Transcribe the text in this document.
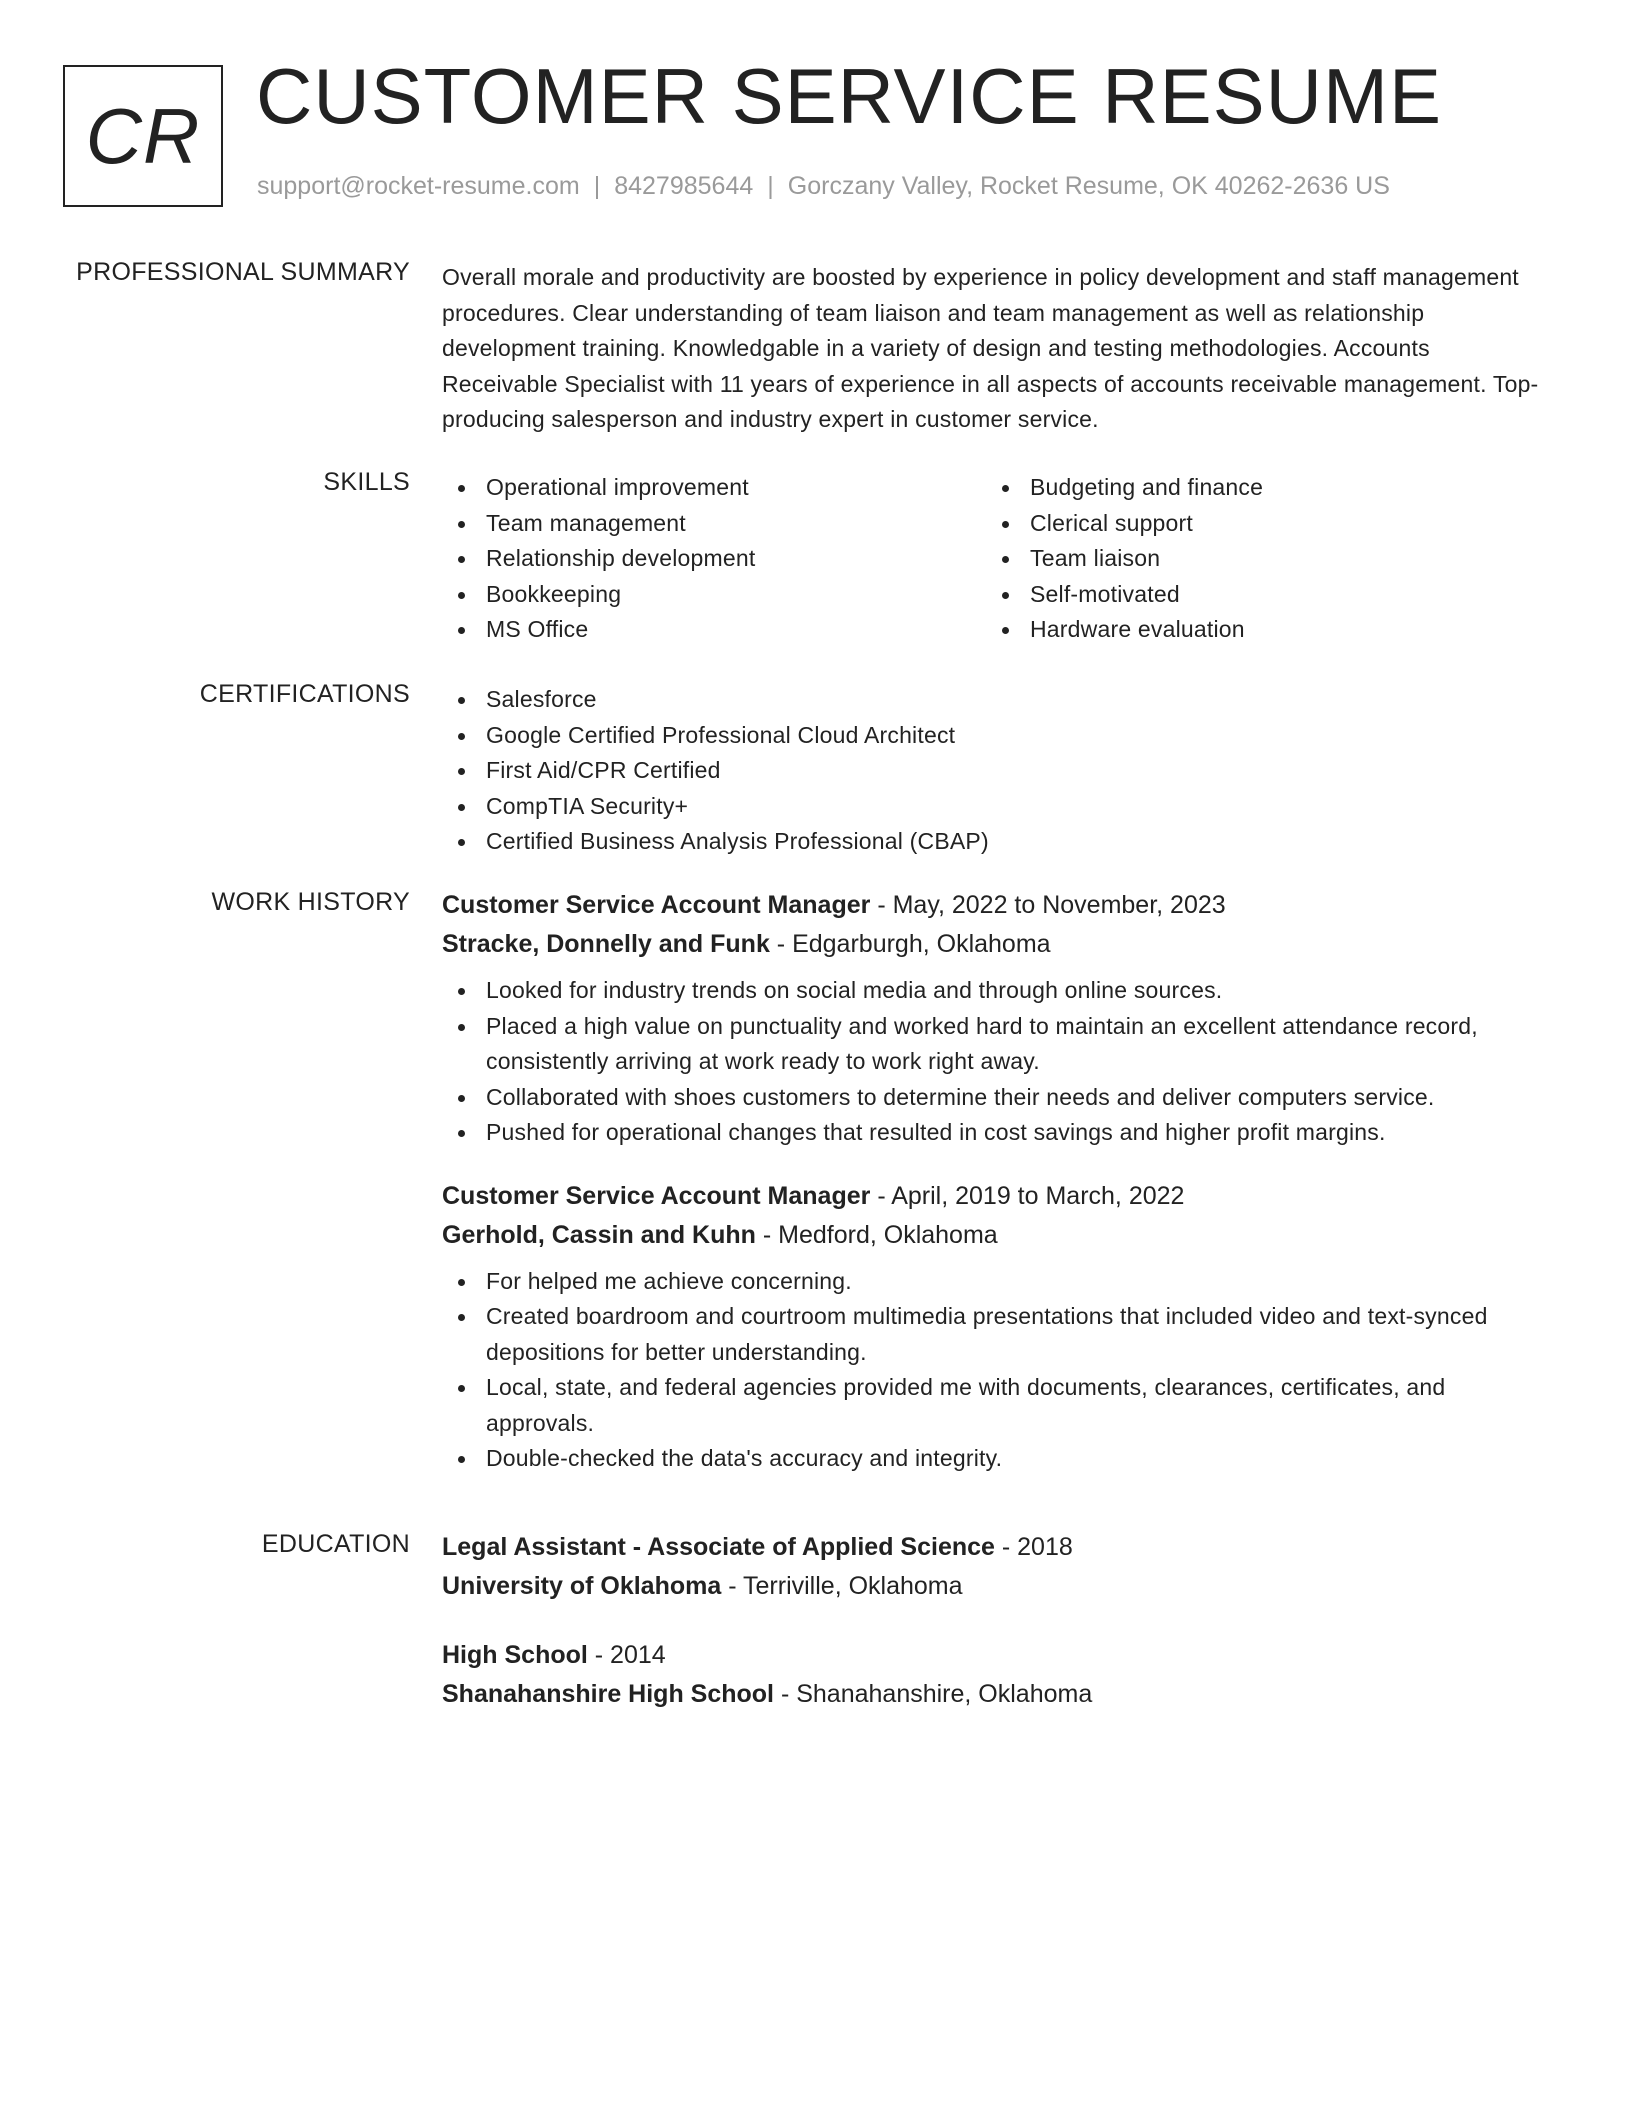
CR CUSTOMER SERVICE RESUME
support@rocket-resume.com | 8427985644 | Gorczany Valley, Rocket Resume, OK 40262-2636 US
PROFESSIONAL SUMMARY Overall morale and productivity are boosted by experience in policy development and staff management procedures. Clear understanding of team liaison and team management as well as relationship development training. Knowledgable in a variety of design and testing methodologies. Accounts Receivable Specialist with 11 years of experience in all aspects of accounts receivable management. Top-producing salesperson and industry expert in customer service.

SKILLS	Operational improvement
Team management
Relationship development
Bookkeeping
MS Office
Budgeting and finance
Clerical support
Team liaison
Self-motivated
Hardware evaluation
CERTIFICATIONS	Salesforce
Google Certified Professional Cloud Architect
First Aid/CPR Certified
CompTIA Security+
Certified Business Analysis Professional (CBAP)
WORK HISTORY Customer Service Account Manager - May, 2022 to November, 2023
Stracke, Donnelly and Funk - Edgarburgh, Oklahoma
Looked for industry trends on social media and through online sources.
Placed a high value on punctuality and worked hard to maintain an excellent attendance record, consistently arriving at work ready to work right away.
Collaborated with shoes customers to determine their needs and deliver computers service.
Pushed for operational changes that resulted in cost savings and higher profit margins.
Customer Service Account Manager - April, 2019 to March, 2022
Gerhold, Cassin and Kuhn - Medford, Oklahoma
For helped me achieve concerning.
Created boardroom and courtroom multimedia presentations that included video and text-synced depositions for better understanding.
Local, state, and federal agencies provided me with documents, clearances, certificates, and approvals.
Double-checked the data's accuracy and integrity.
EDUCATION Legal Assistant - Associate of Applied Science - 2018
University of Oklahoma - Terriville, Oklahoma
High School - 2014
Shanahanshire High School - Shanahanshire, Oklahoma
